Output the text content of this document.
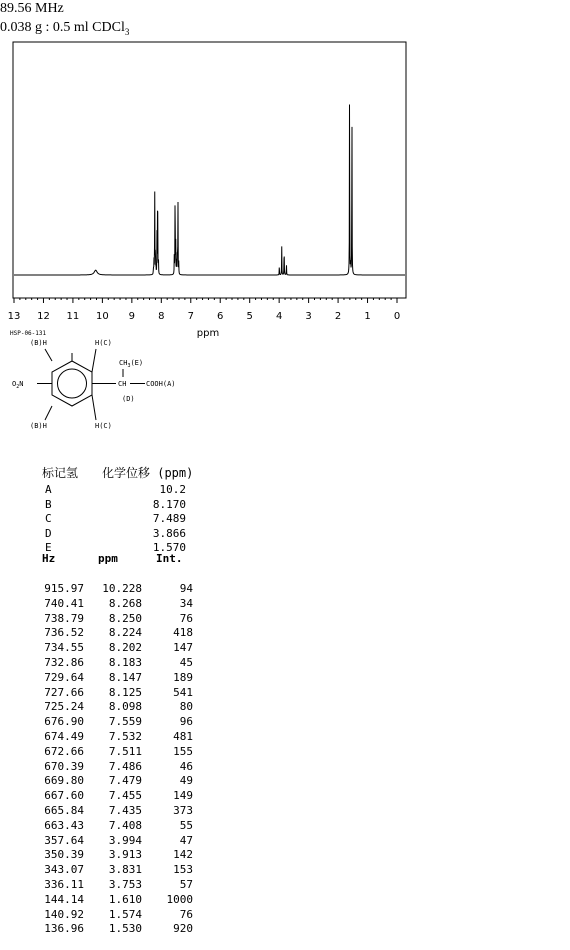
89.56 MHz
0.038 g : 0.5 ml CDCl$_3$
13 12 11 10 9 8 7 6 5 4 3 2 1 0
ppm
HSP-06-131
(B)H	H(C)
$CH_3(E)$
$O_2N$	CH	COOH(A)
(D)
(B)H	H(C)
标记氢 化学位移 (ppm)
A	10.2
B	8.170
C	7.489
D	3.866
E	1.570
Hz	ppm	Int.
915.97	10.228	94
740.41	8.268	34
738.79	8.250	76
736.52	8.224	418
734.55	8.202	147
732.86	8.183	45
729.64	8.147	189
727.66	8.125	541
725.24	8.098	80
676.90	7.559	96
674.49	7.532	481
672.66	7.511	155
670.39	7.486	46
669.80	7.479	49
667.60	7.455	149
665.84	7.435	373
663.43	7.408	55
357.64	3.994	47
350.39	3.913	142
343.07	3.831	153
336.11	3.753	57
144.14	1.610	1000
140.92	1.574	76
136.96	1.530	920
